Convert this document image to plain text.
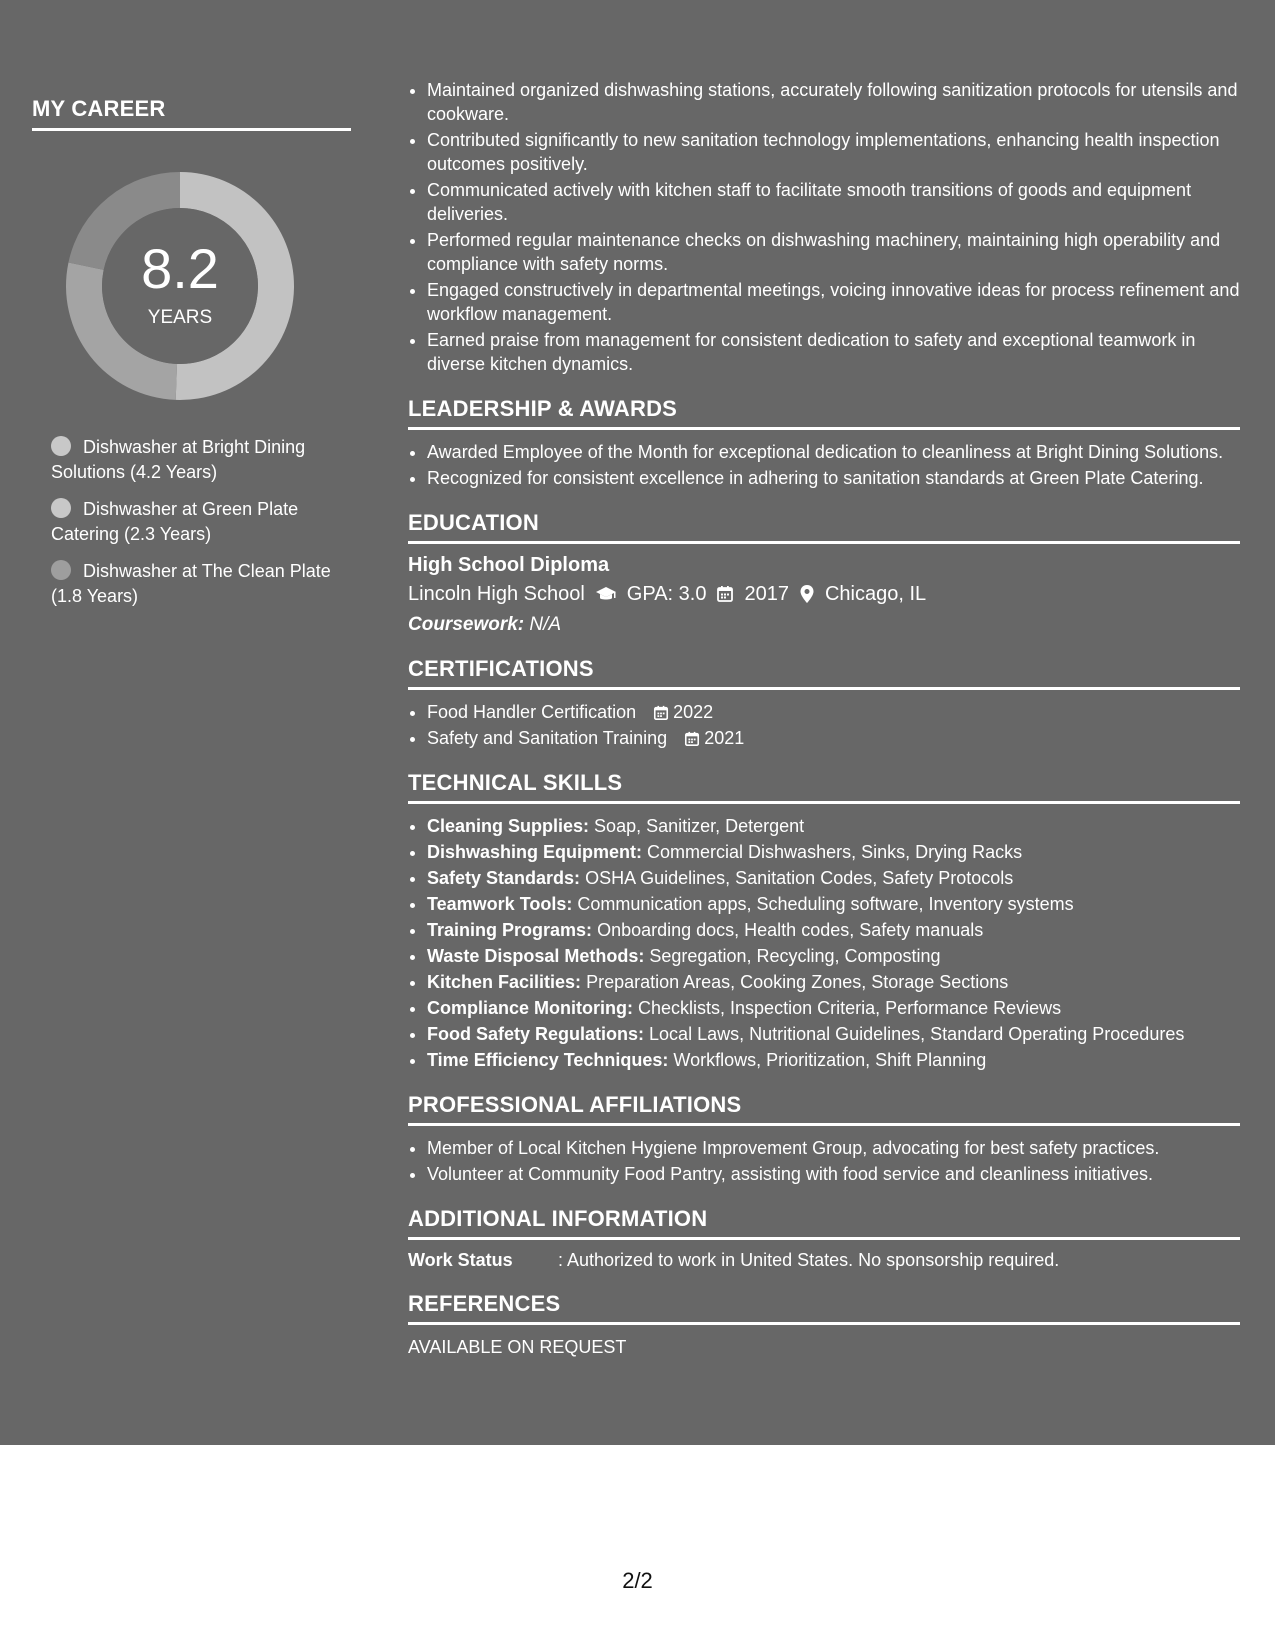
MY CAREER
8.2
YEARS
Dishwasher at Bright Dining Solutions (4.2 Years)
Dishwasher at Green Plate Catering (2.3 Years)
Dishwasher at The Clean Plate (1.8 Years)
• Maintained organized dishwashing stations, accurately following sanitization protocols for utensils and cookware.
• Contributed significantly to new sanitation technology implementations, enhancing health inspection outcomes positively.
• Communicated actively with kitchen staff to facilitate smooth transitions of goods and equipment deliveries.
• Performed regular maintenance checks on dishwashing machinery, maintaining high operability and compliance with safety norms.
• Engaged constructively in departmental meetings, voicing innovative ideas for process refinement and workflow management.
• Earned praise from management for consistent dedication to safety and exceptional teamwork in diverse kitchen dynamics.
LEADERSHIP & AWARDS
• Awarded Employee of the Month for exceptional dedication to cleanliness at Bright Dining Solutions.
• Recognized for consistent excellence in adhering to sanitation standards at Green Plate Catering.
EDUCATION
High School Diploma
Lincoln High School GPA: 3.0 2017 Chicago, IL
Coursework: N/A
CERTIFICATIONS
• Food Handler Certification 2022
• Safety and Sanitation Training 2021
TECHNICAL SKILLS
• Cleaning Supplies: Soap, Sanitizer, Detergent
• Dishwashing Equipment: Commercial Dishwashers, Sinks, Drying Racks
• Safety Standards: OSHA Guidelines, Sanitation Codes, Safety Protocols
• Teamwork Tools: Communication apps, Scheduling software, Inventory systems
• Training Programs: Onboarding docs, Health codes, Safety manuals
• Waste Disposal Methods: Segregation, Recycling, Composting
• Kitchen Facilities: Preparation Areas, Cooking Zones, Storage Sections
• Compliance Monitoring: Checklists, Inspection Criteria, Performance Reviews
• Food Safety Regulations: Local Laws, Nutritional Guidelines, Standard Operating Procedures
• Time Efficiency Techniques: Workflows, Prioritization, Shift Planning
PROFESSIONAL AFFILIATIONS
• Member of Local Kitchen Hygiene Improvement Group, advocating for best safety practices.
• Volunteer at Community Food Pantry, assisting with food service and cleanliness initiatives.
ADDITIONAL INFORMATION
Work Status	: Authorized to work in United States. No sponsorship required.
REFERENCES
AVAILABLE ON REQUEST
2/2
